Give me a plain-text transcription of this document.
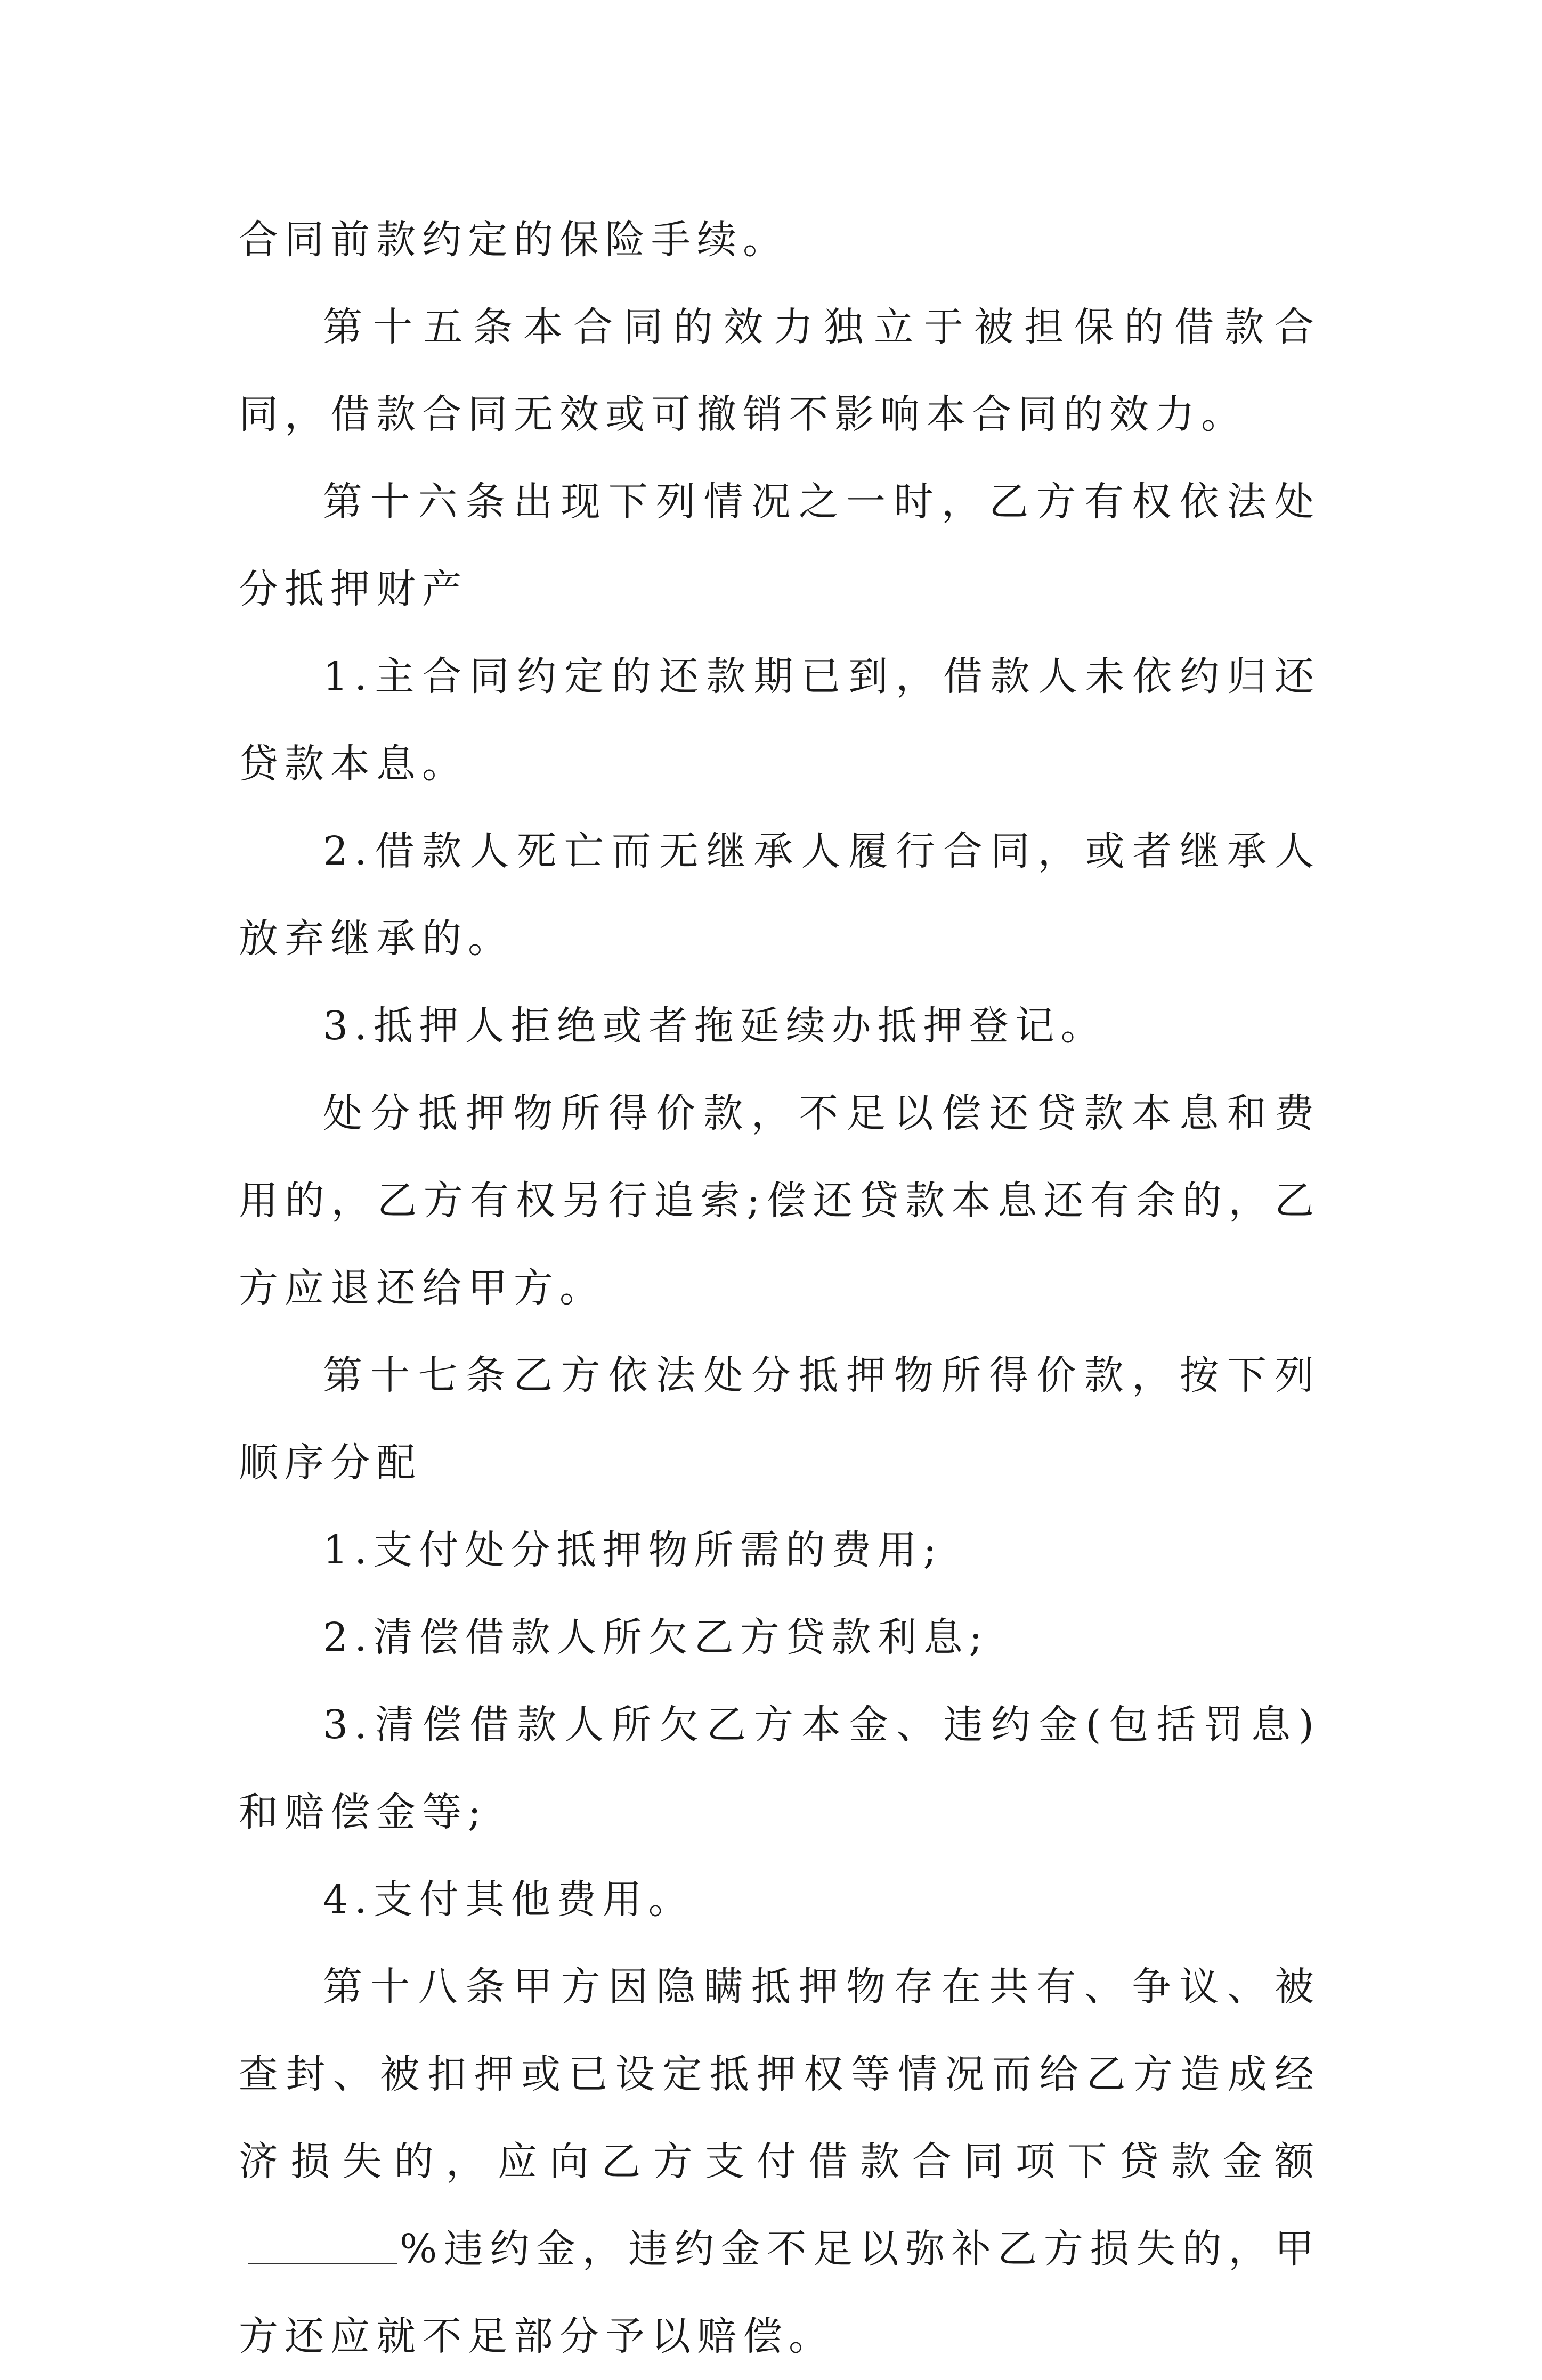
合同前款约定的保险手续。

第十五条本合同的效力独立于被担保的借款合同，借款合同无效或可撤销不影响本合同的效力。

第十六条出现下列情况之一时，乙方有权依法处分抵押财产

1.主合同约定的还款期已到，借款人未依约归还贷款本息。

2.借款人死亡而无继承人履行合同，或者继承人放弃继承的。

3.抵押人拒绝或者拖延续办抵押登记。

处分抵押物所得价款，不足以偿还贷款本息和费用的，乙方有权另行追索;偿还贷款本息还有余的，乙方应退还给甲方。

第十七条乙方依法处分抵押物所得价款，按下列顺序分配

1.支付处分抵押物所需的费用;

2.清偿借款人所欠乙方贷款利息;

3.清偿借款人所欠乙方本金、违约金(包括罚息)和赔偿金等;

4.支付其他费用。

第十八条甲方因隐瞒抵押物存在共有、争议、被查封、被扣押或已设定抵押权等情况而给乙方造成经济损失的，应向乙方支付借款合同项下贷款金额%违约金，违约金不足以弥补乙方损失的，甲方还应就不足部分予以赔偿。
